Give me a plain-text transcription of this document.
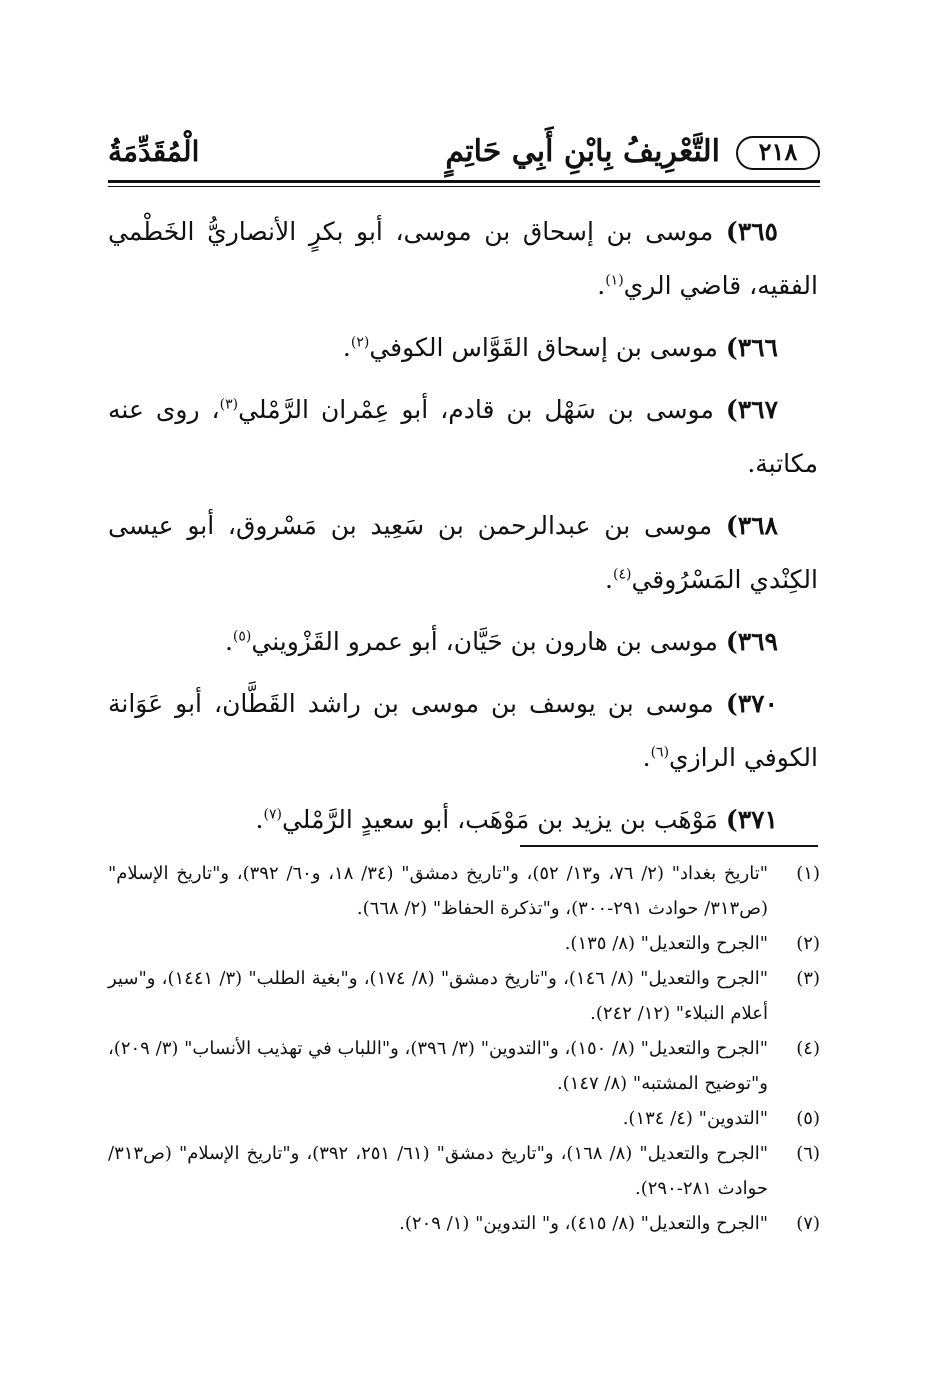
٢١٨
التَّعْرِيفُ بِابْنِ أَبِي حَاتِمٍ
الْمُقَدِّمَةُ

٣٦٥) موسى بن إسحاق بن موسى، أبو بكرٍ الأنصاريُّ الخَطْمي الفقيه، قاضي الري$^{(١)}$.

٣٦٦) موسى بن إسحاق القَوَّاس الكوفي$^{(٢)}$.

٣٦٧) موسى بن سَهْل بن قادم، أبو عِمْران الرَّمْلي$^{(٣)}$، روى عنه مكاتبة.

٣٦٨) موسى بن عبدالرحمن بن سَعِيد بن مَسْروق، أبو عيسى الكِنْدي المَسْرُوقي$^{(٤)}$.

٣٦٩) موسى بن هارون بن حَيَّان، أبو عمرو القَزْويني$^{(٥)}$.

٣٧٠) موسى بن يوسف بن موسى بن راشد القَطَّان، أبو عَوَانة الكوفي الرازي$^{(٦)}$.

٣٧١) مَوْهَب بن يزيد بن مَوْهَب، أبو سعيدٍ الرَّمْلي$^{(٧)}$.

(١)
"تاريخ بغداد" (٢/ ٧٦، و١٣/ ٥٢)، و"تاريخ دمشق" (٣٤/ ١٨، و٦٠/ ٣٩٢)، و"تاريخ الإسلام" (ص٣١٣/ حوادث ٢٩١-٣٠٠)، و"تذكرة الحفاظ" (٢/ ٦٦٨).
(٢)
"الجرح والتعديل" (٨/ ١٣٥).
(٣)
"الجرح والتعديل" (٨/ ١٤٦)، و"تاريخ دمشق" (٨/ ١٧٤)، و"بغية الطلب" (٣/ ١٤٤١)، و"سير أعلام النبلاء" (١٢/ ٢٤٢).
(٤)
"الجرح والتعديل" (٨/ ١٥٠)، و"التدوين" (٣/ ٣٩٦)، و"اللباب في تهذيب الأنساب" (٣/ ٢٠٩)، و"توضيح المشتبه" (٨/ ١٤٧).
(٥)
"التدوين" (٤/ ١٣٤).
(٦)
"الجرح والتعديل" (٨/ ١٦٨)، و"تاريخ دمشق" (٦١/ ٢٥١، ٣٩٢)، و"تاريخ الإسلام" (ص٣١٣/ حوادث ٢٨١-٢٩٠).
(٧)
"الجرح والتعديل" (٨/ ٤١٥)، و" التدوين" (١/ ٢٠٩).
